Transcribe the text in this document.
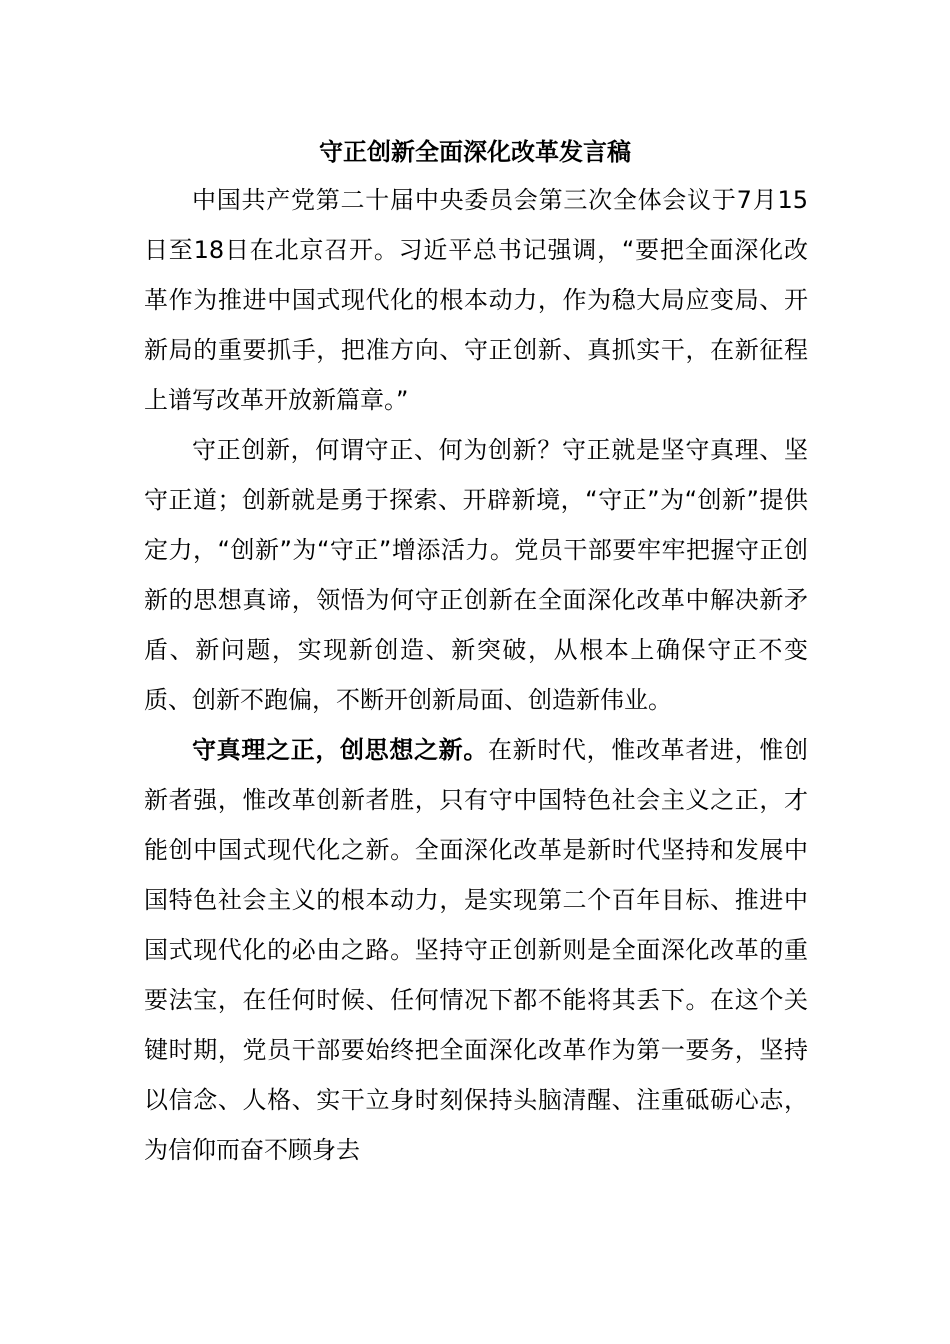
守正创新全面深化改革发言稿

中国共产党第二十届中央委员会第三次全体会议于7月15日至18日在北京召开。习近平总书记强调，“要把全面深化改革作为推进中国式现代化的根本动力，作为稳大局应变局、开新局的重要抓手，把准方向、守正创新、真抓实干，在新征程上谱写改革开放新篇章。”

守正创新，何谓守正、何为创新？守正就是坚守真理、坚守正道；创新就是勇于探索、开辟新境，“守正”为“创新”提供定力，“创新”为“守正”增添活力。党员干部要牢牢把握守正创新的思想真谛，领悟为何守正创新在全面深化改革中解决新矛盾、新问题，实现新创造、新突破，从根本上确保守正不变质、创新不跑偏，不断开创新局面、创造新伟业。

守真理之正，创思想之新。在新时代，惟改革者进，惟创新者强，惟改革创新者胜，只有守中国特色社会主义之正，才能创中国式现代化之新。全面深化改革是新时代坚持和发展中国特色社会主义的根本动力，是实现第二个百年目标、推进中国式现代化的必由之路。坚持守正创新则是全面深化改革的重要法宝，在任何时候、任何情况下都不能将其丢下。在这个关键时期，党员干部要始终把全面深化改革作为第一要务，坚持以信念、人格、实干立身时刻保持头脑清醒、注重砥砺心志，为信仰而奋不顾身去
